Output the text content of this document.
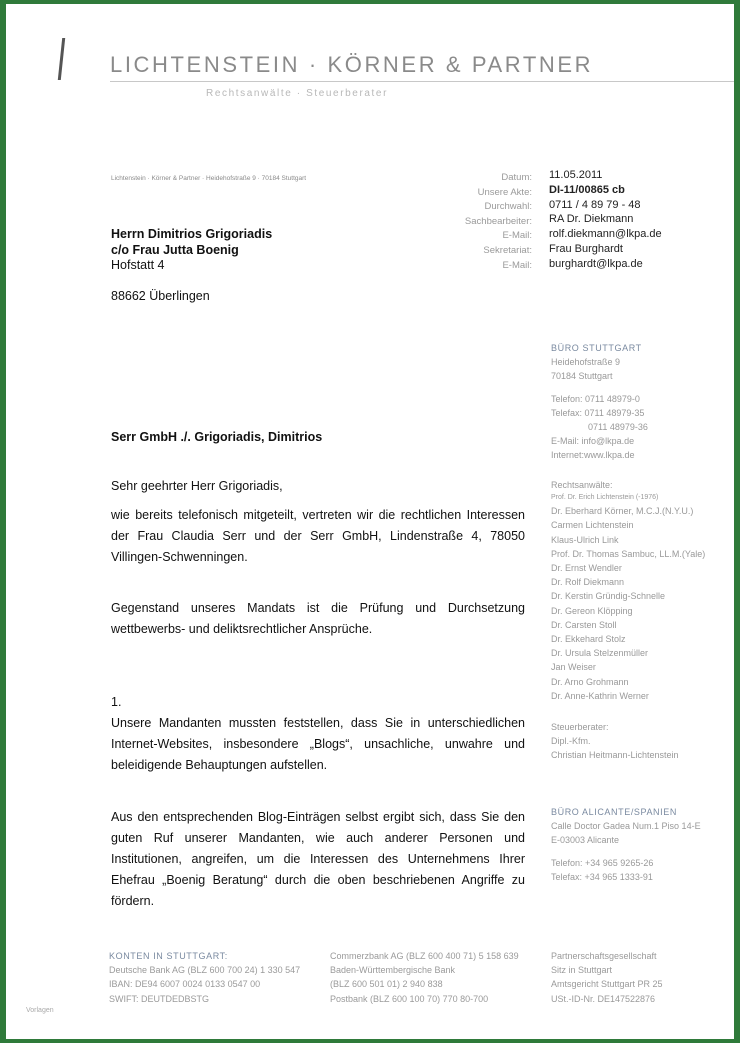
LICHTENSTEIN · KÖRNER & PARTNER
Rechtsanwälte · Steuerberater
Lichtenstein · Körner & Partner · Heidehofstraße 9 · 70184 Stuttgart	Datum:
Unsere Akte:
Durchwahl:
Sachbearbeiter:
E-Mail:
Sekretariat:
E-Mail:
11.05.2011
DI-11/00865 cb
0711 / 4 89 79 - 48
RA Dr. Diekmann
rolf.diekmann@lkpa.de
Frau Burghardt
burghardt@lkpa.de
Herrn Dimitrios Grigoriadis
c/o Frau Jutta Boenig
Hofstatt 4
88662 Überlingen
Serr GmbH ./. Grigoriadis, Dimitrios
Sehr geehrter Herr Grigoriadis,
wie bereits telefonisch mitgeteilt, vertreten wir die rechtlichen Interessen der Frau Claudia Serr und der Serr GmbH, Lindenstraße 4, 78050 Villingen-Schwenningen.
Gegenstand unseres Mandats ist die Prüfung und Durchsetzung wettbewerbs- und deliktsrechtlicher Ansprüche.
1.
Unsere Mandanten mussten feststellen, dass Sie in unterschiedlichen Internet-Websites, insbesondere „Blogs“, unsachliche, unwahre und beleidigende Behauptungen aufstellen.
Aus den entsprechenden Blog-Einträgen selbst ergibt sich, dass Sie den guten Ruf unserer Mandanten, wie auch anderer Personen und Institutionen, angreifen, um die Interessen des Unternehmens Ihrer Ehefrau „Boenig Beratung“ durch die oben beschriebenen Angriffe zu fördern.
BÜRO STUTTGART
Heidehofstraße 9
70184 Stuttgart
Telefon: 0711 48979-0
Telefax: 0711 48979-35
0711 48979-36
E-Mail: info@lkpa.de
Internet:www.lkpa.de
Rechtsanwälte:
Prof. Dr. Erich Lichtenstein (-1976)
Dr. Eberhard Körner, M.C.J.(N.Y.U.)
Carmen Lichtenstein
Klaus-Ulrich Link
Prof. Dr. Thomas Sambuc, LL.M.(Yale)
Dr. Ernst Wendler
Dr. Rolf Diekmann
Dr. Kerstin Gründig-Schnelle
Dr. Gereon Klöpping
Dr. Carsten Stoll
Dr. Ekkehard Stolz
Dr. Ursula Stelzenmüller
Jan Weiser
Dr. Arno Grohmann
Dr. Anne-Kathrin Werner
Steuerberater:
Dipl.-Kfm.
Christian Heitmann-Lichtenstein
BÜRO ALICANTE/SPANIEN
Calle Doctor Gadea Num.1 Piso 14-E
E-03003 Alicante
Telefon: +34 965 9265-26
Telefax: +34 965 1333-91
KONTEN IN STUTTGART:
Deutsche Bank AG (BLZ 600 700 24) 1 330 547
IBAN: DE94 6007 0024 0133 0547 00
SWIFT: DEUTDEDBSTG
Commerzbank AG (BLZ 600 400 71) 5 158 639
Baden-Württembergische Bank
(BLZ 600 501 01) 2 940 838
Postbank (BLZ 600 100 70) 770 80-700
Partnerschaftsgesellschaft
Sitz in Stuttgart
Amtsgericht Stuttgart PR 25
USt.-ID-Nr. DE147522876
Vorlagen
